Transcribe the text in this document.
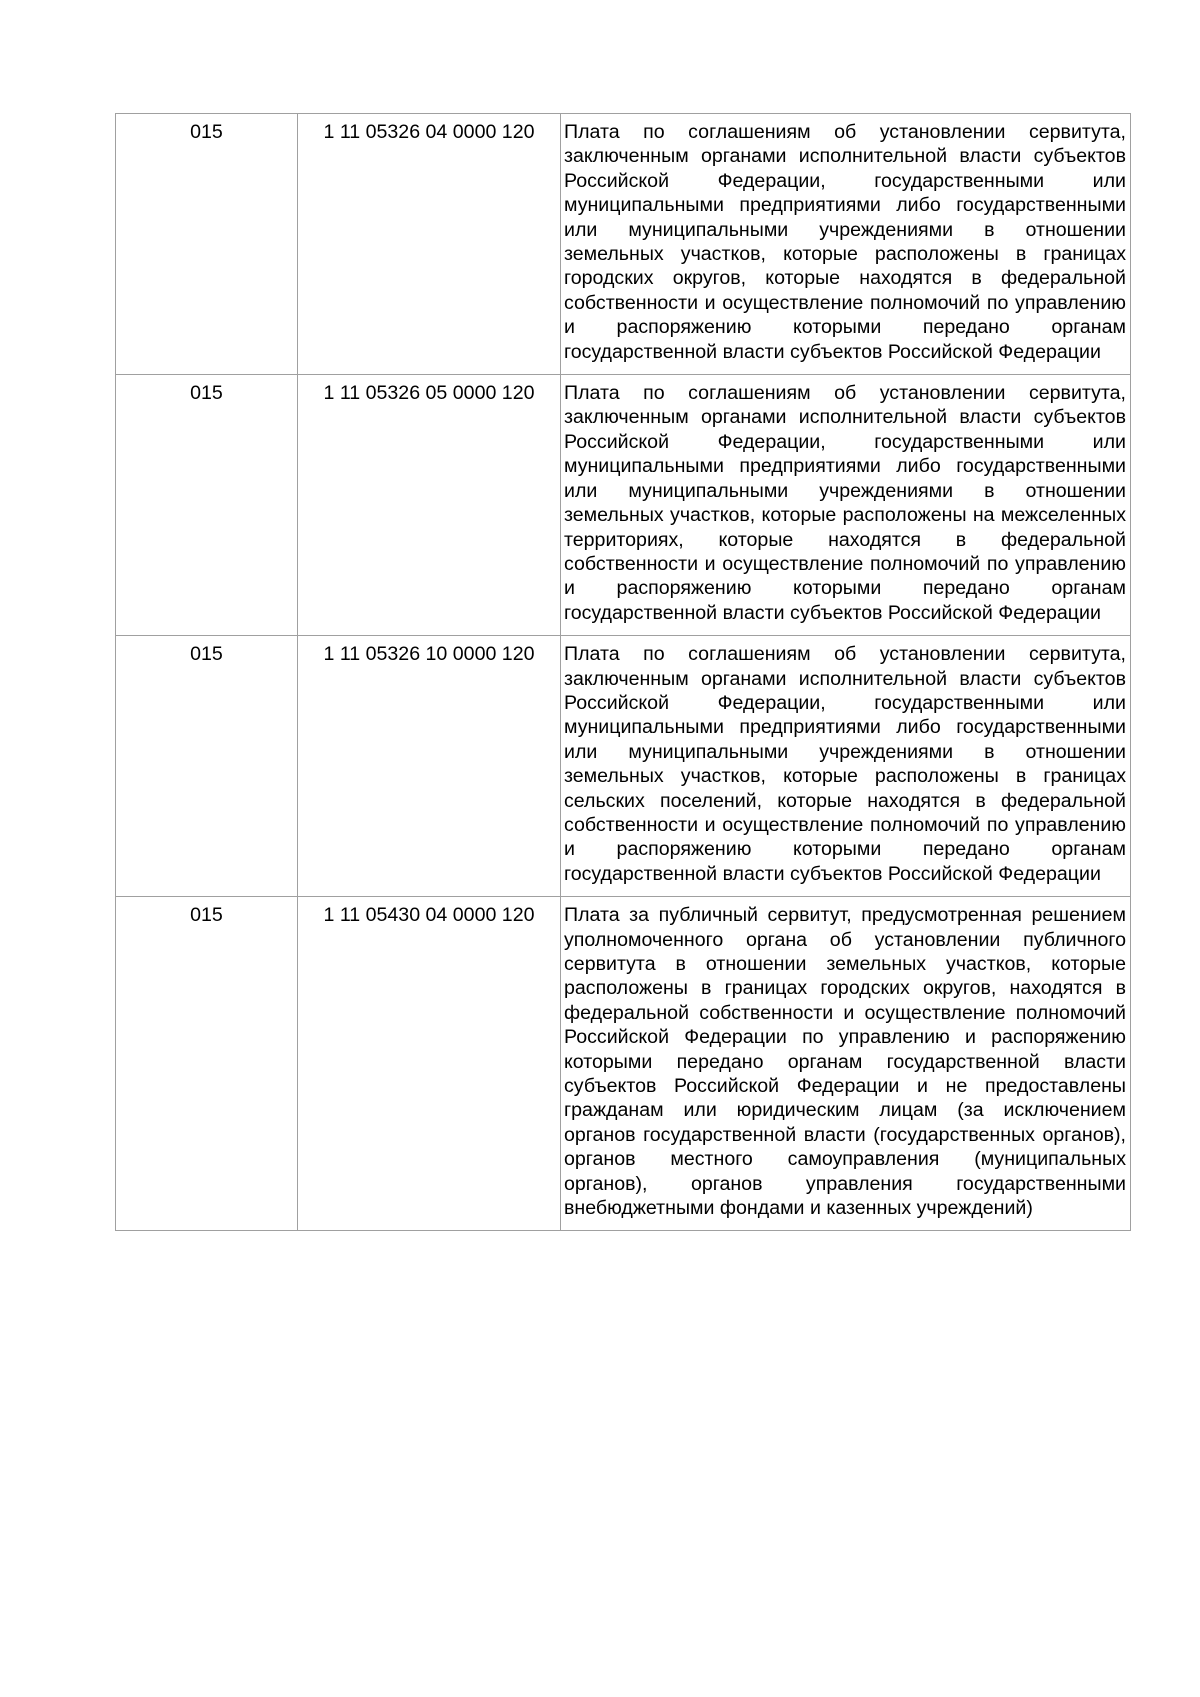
015	1 11 05326 04 0000 120	Плата по соглашениям об установлении сервитута, заключенным органами исполнительной власти субъектов Российской Федерации, государственными или муниципальными предприятиями либо государственными или муниципальными учреждениями в отношении земельных участков, которые расположены в границах городских округов, которые находятся в федеральной собственности и осуществление полномочий по управлению и распоряжению которыми передано органам государственной власти субъектов Российской Федерации
015	1 11 05326 05 0000 120	Плата по соглашениям об установлении сервитута, заключенным органами исполнительной власти субъектов Российской Федерации, государственными или муниципальными предприятиями либо государственными или муниципальными учреждениями в отношении земельных участков, которые расположены на межселенных территориях, которые находятся в федеральной собственности и осуществление полномочий по управлению и распоряжению которыми передано органам государственной власти субъектов Российской Федерации
015	1 11 05326 10 0000 120	Плата по соглашениям об установлении сервитута, заключенным органами исполнительной власти субъектов Российской Федерации, государственными или муниципальными предприятиями либо государственными или муниципальными учреждениями в отношении земельных участков, которые расположены в границах сельских поселений, которые находятся в федеральной собственности и осуществление полномочий по управлению и распоряжению которыми передано органам государственной власти субъектов Российской Федерации
015	1 11 05430 04 0000 120	Плата за публичный сервитут, предусмотренная решением уполномоченного органа об установлении публичного сервитута в отношении земельных участков, которые расположены в границах городских округов, находятся в федеральной собственности и осуществление полномочий Российской Федерации по управлению и распоряжению которыми передано органам государственной власти субъектов Российской Федерации и не предоставлены гражданам или юридическим лицам (за исключением органов государственной власти (государственных органов), органов местного самоуправления (муниципальных органов), органов управления государственными внебюджетными фондами и казенных учреждений)
